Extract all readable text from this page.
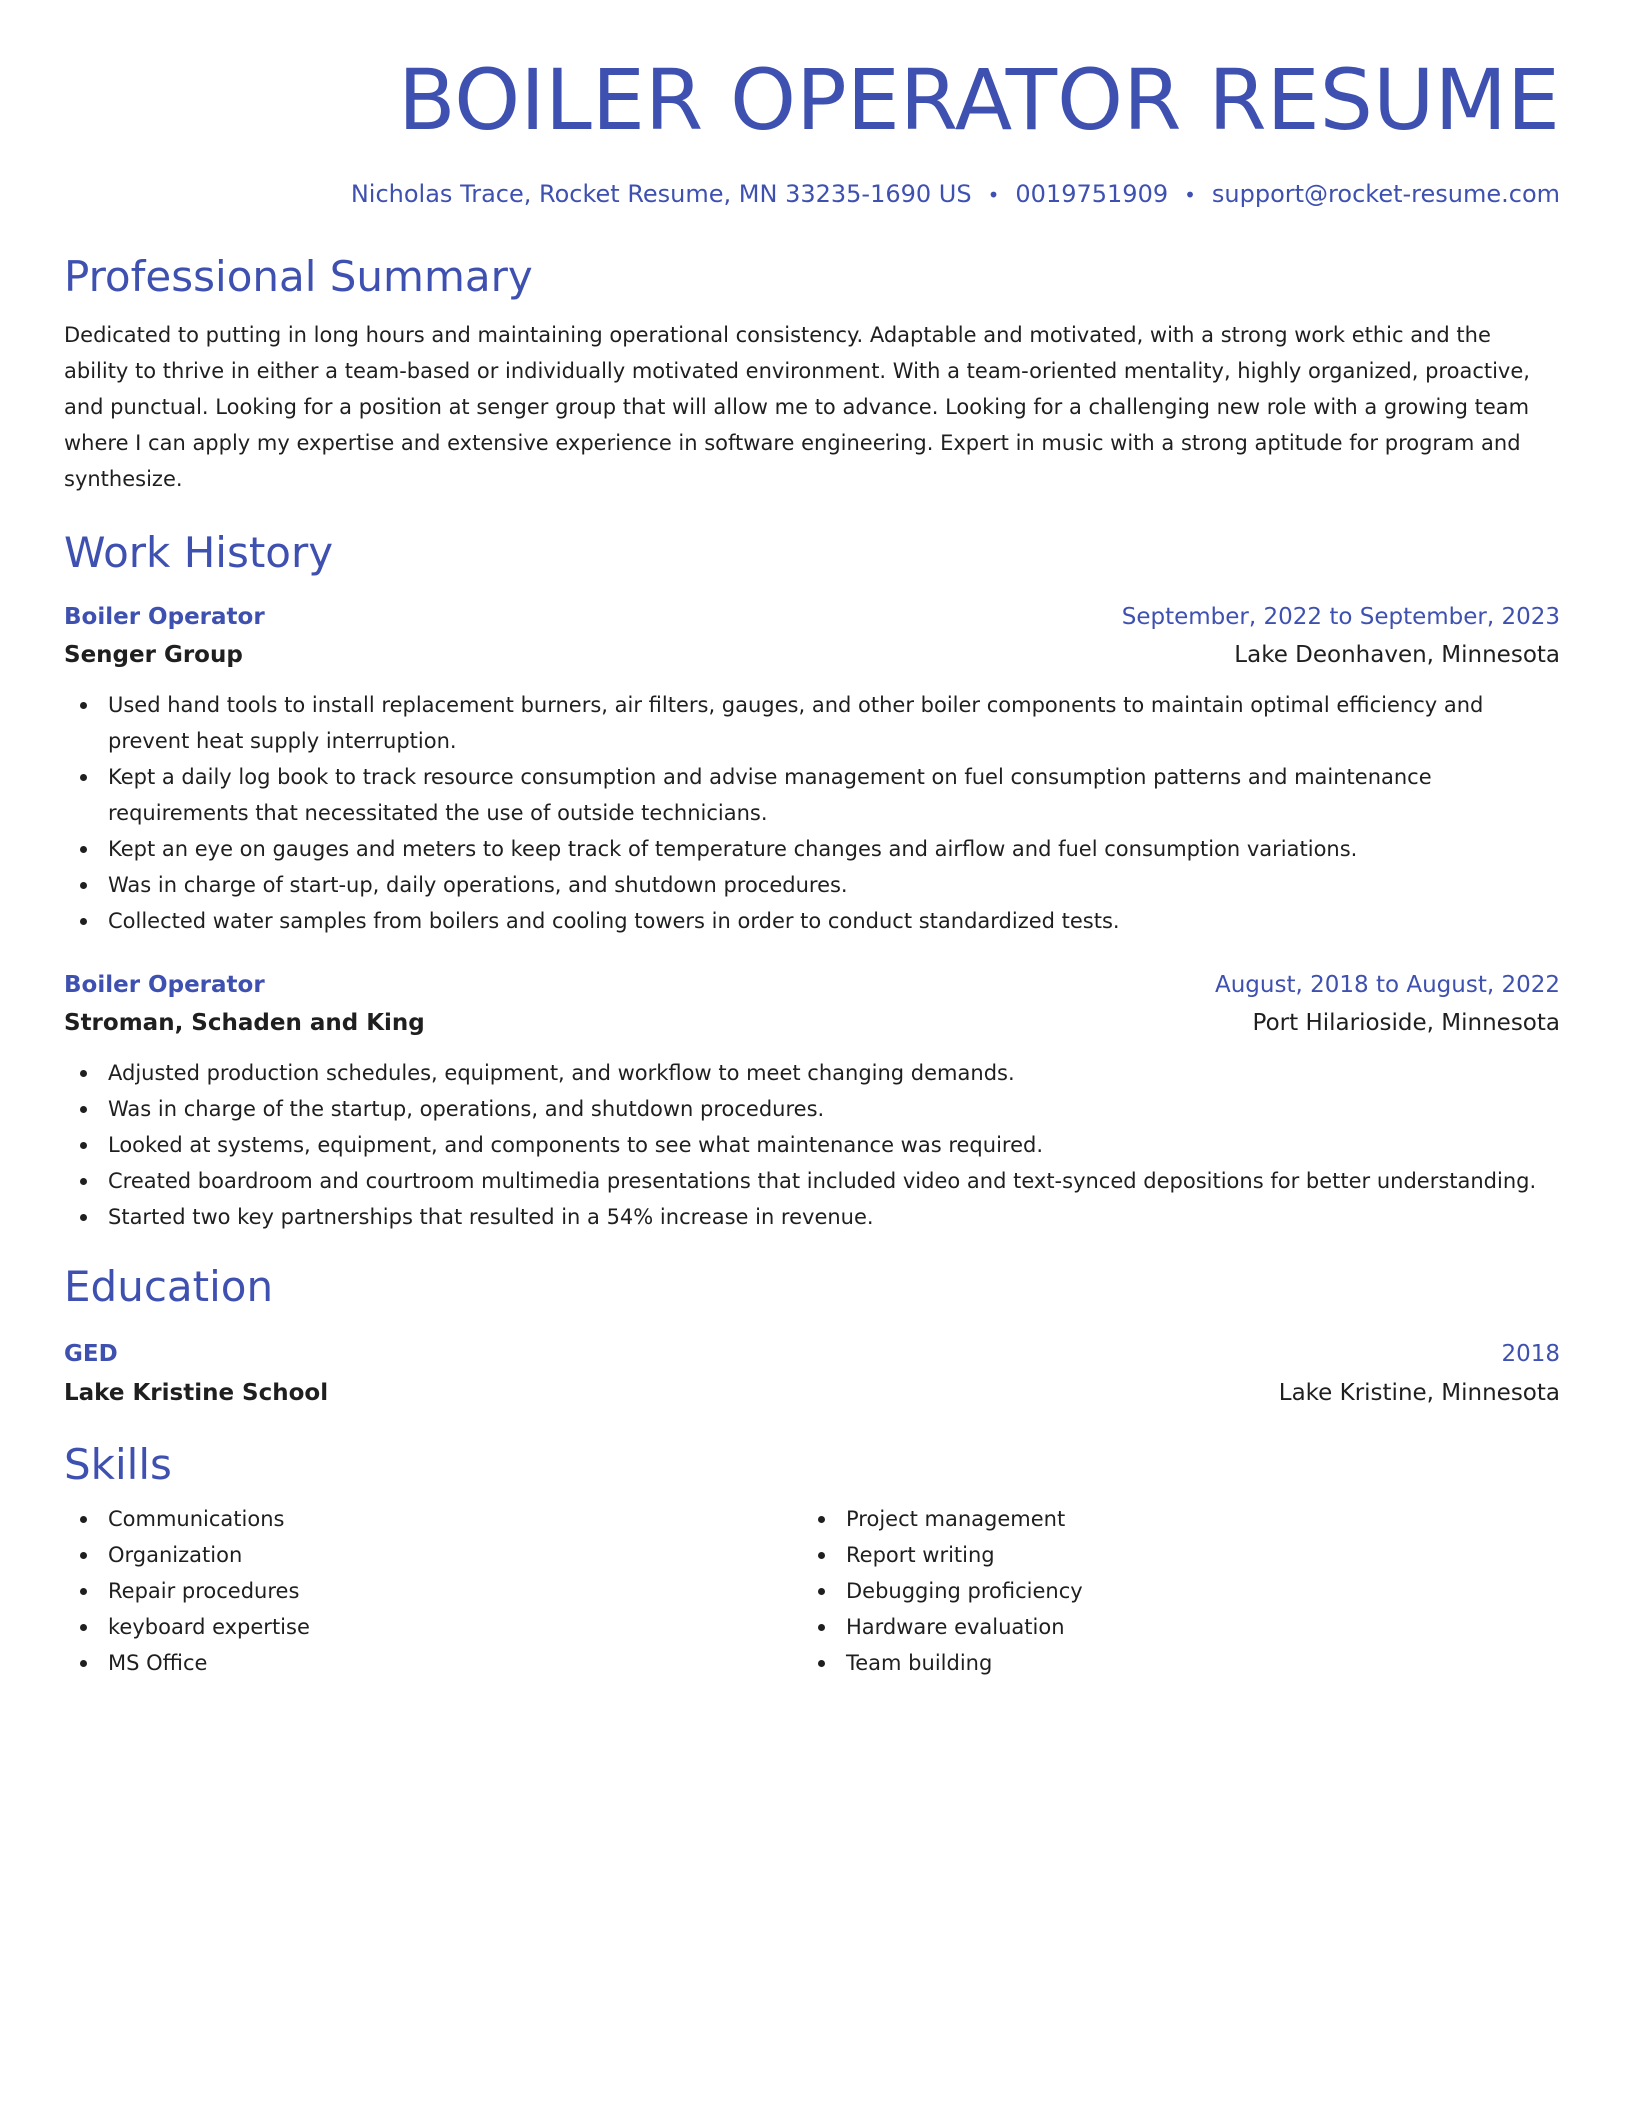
BOILER OPERATOR RESUME
Nicholas Trace, Rocket Resume, MN 33235-1690 US • 0019751909 • support@rocket-resume.com
Professional Summary

Dedicated to putting in long hours and maintaining operational consistency. Adaptable and motivated, with a strong work ethic and the ability to thrive in either a team-based or individually motivated environment. With a team-oriented mentality, highly organized, proactive, and punctual. Looking for a position at senger group that will allow me to advance. Looking for a challenging new role with a growing team where I can apply my expertise and extensive experience in software engineering. Expert in music with a strong aptitude for program and synthesize.

Work History
Boiler Operator	September, 2022 to September, 2023
Senger Group	Lake Deonhaven, Minnesota
Used hand tools to install replacement burners, air filters, gauges, and other boiler components to maintain optimal efficiency and prevent heat supply interruption.
Kept a daily log book to track resource consumption and advise management on fuel consumption patterns and maintenance requirements that necessitated the use of outside technicians.
Kept an eye on gauges and meters to keep track of temperature changes and airflow and fuel consumption variations.
Was in charge of start-up, daily operations, and shutdown procedures.
Collected water samples from boilers and cooling towers in order to conduct standardized tests.
Boiler Operator	August, 2018 to August, 2022
Stroman, Schaden and King	Port Hilarioside, Minnesota
Adjusted production schedules, equipment, and workflow to meet changing demands.
Was in charge of the startup, operations, and shutdown procedures.
Looked at systems, equipment, and components to see what maintenance was required.
Created boardroom and courtroom multimedia presentations that included video and text-synced depositions for better understanding.
Started two key partnerships that resulted in a 54% increase in revenue.
Education
GED	2018
Lake Kristine School	Lake Kristine, Minnesota
Skills
Communications
Organization
Repair procedures
keyboard expertise
MS Office
Project management
Report writing
Debugging proficiency
Hardware evaluation
Team building
